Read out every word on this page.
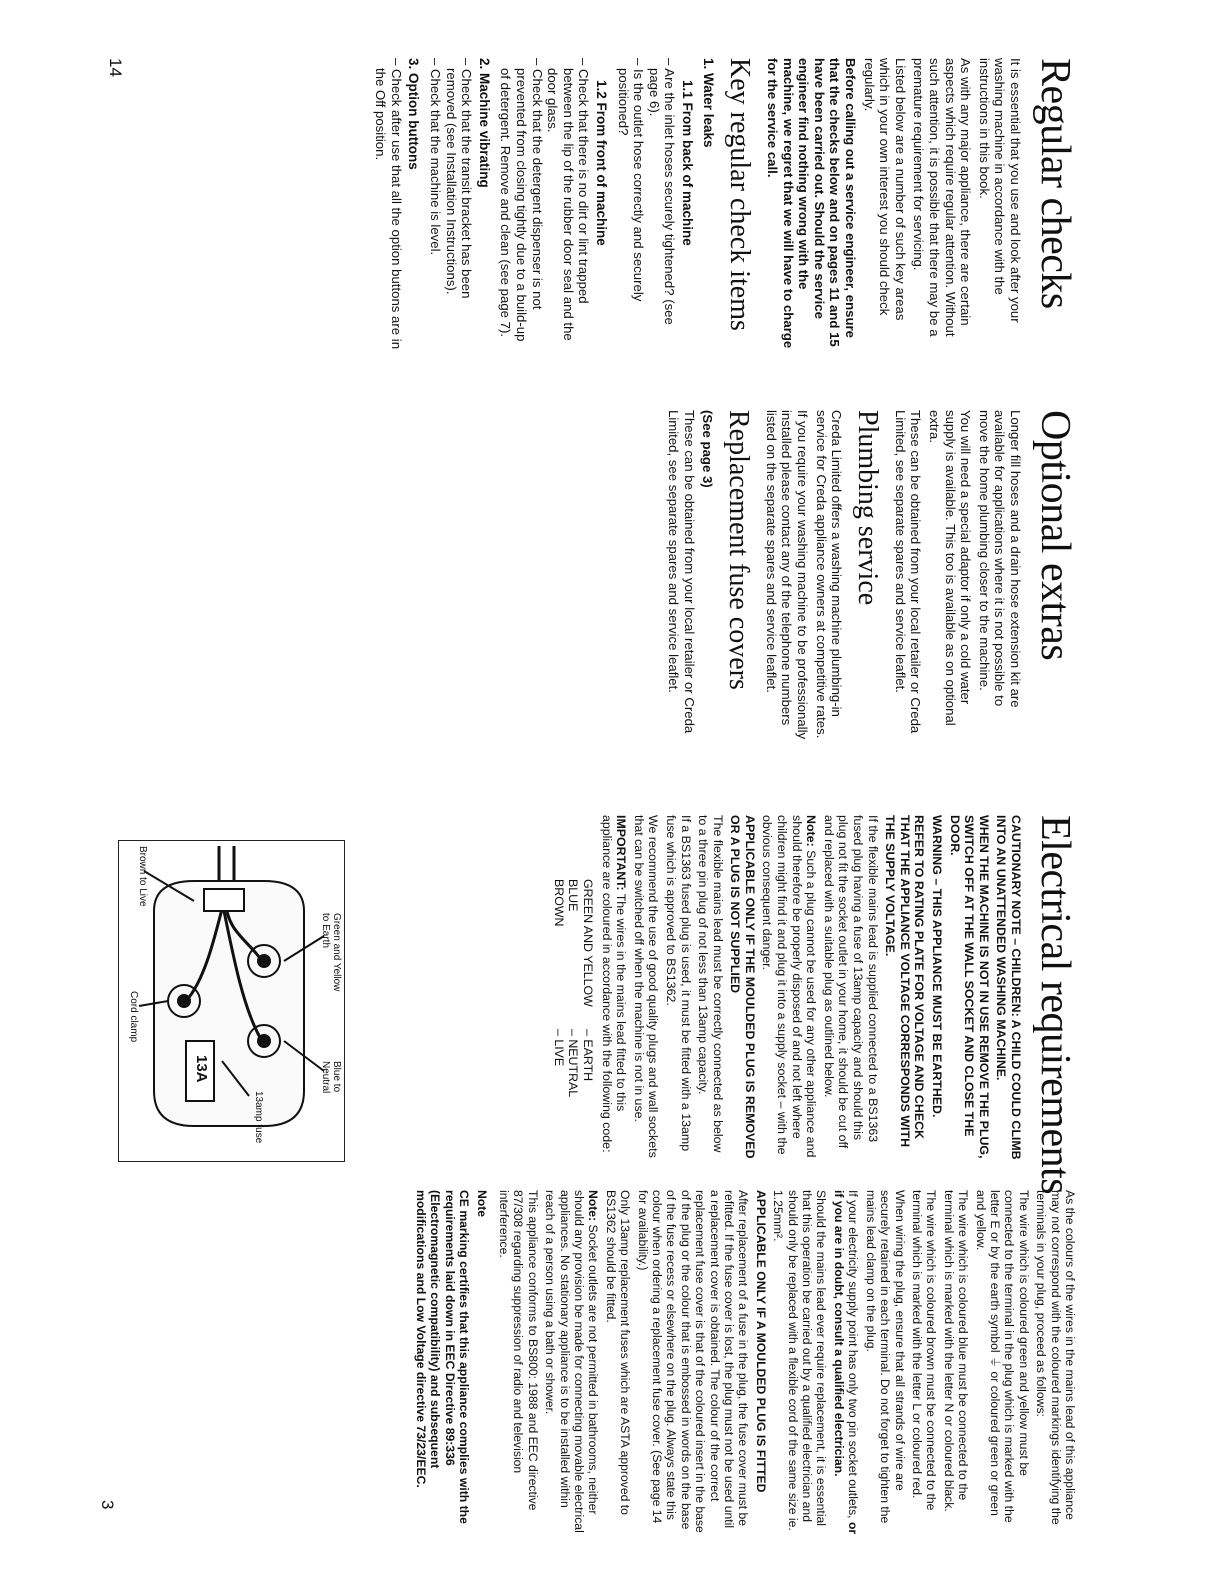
14
3
Regular checks

It is essential that you use and look after your washing machine in accordance with the instructions in this book.

As with any major appliance, there are certain aspects which require regular attention. Without such attention, it is possible that there may be a premature requirement for servicing.

Listed below are a number of such key areas which in your own interest you should check regularly.

Before calling out a service engineer, ensure that the checks below and on pages 11 and 15 have been carried out. Should the service engineer find nothing wrong with the machine, we regret that we will have to charge for the service call.

Key regular check items
1. Water leaks
1.1 From back of machine
– Are the inlet hoses securely tightened? (see page 6).
– Is the outlet hose correctly and securely positioned?
1.2 From front of machine
– Check that there is no dirt or lint trapped between the lip of the rubber door seal and the door glass.
– Check that the detergent dispenser is not prevented from closing tightly due to a build-up of detergent. Remove and clean (see page 7).
2. Machine vibrating
– Check that the transit bracket has been removed (see Installation Instructions).
– Check that the machine is level.
3. Option buttons
– Check after use that all the option buttons are in the Off position.
Optional extras

Longer fill hoses and a drain hose extension kit are available for applications where it is not possible to move the home plumbing closer to the machine.

You will need a special adaptor if only a cold water supply is available. This too is available as on optional extra.

These can be obtained from your local retailer or Creda Limited, see separate spares and service leaflet.

Plumbing service

Creda Limited offers a washing machine plumbing-in service for Creda appliance owners at competitive rates.

If you require your washing machine to be professionally installed please contact any of the telephone numbers listed on the separate spares and service leaflet.

Replacement fuse covers

(See page 3)

These can be obtained from your local retailer or Creda Limited, see separate spares and service leaflet.

Electrical requirements

CAUTIONARY NOTE – CHILDREN: A CHILD COULD CLIMB INTO AN UNATTENDED WASHING MACHINE.

WHEN THE MACHINE IS NOT IN USE REMOVE THE PLUG, SWITCH OFF AT THE WALL SOCKET AND CLOSE THE DOOR.

WARNING – THIS APPLIANCE MUST BE EARTHED.

REFER TO RATING PLATE FOR VOLTAGE AND CHECK THAT THE APPLIANCE VOLTAGE CORRESPONDS WITH THE SUPPLY VOLTAGE.

If the flexible mains lead is supplied connected to a BS1363 fused plug having a fuse of 13amp capacity and should this plug not fit the socket outlet in your home, it should be cut off and replaced with a suitable plug as outlined below.

Note: Such a plug cannot be used for any other appliance and should therefore be properly disposed of and not left where children might find it and plug it into a supply socket – with the obvious consequent danger.

APPLICABLE ONLY IF THE MOULDED PLUG IS REMOVED OR A PLUG IS NOT SUPPLIED

The flexible mains lead must be correctly connected as below to a three pin plug of not less than 13amp capacity.

If a BS1363 fused plug is used, it must be fitted with a 13amp fuse which is approved to BS1362.

We recommend the use of good quality plugs and wall sockets that can be switched off when the machine is not in use.

IMPORTANT: The wires in the mains lead fitted to this appliance are coloured in accordance with the following code:

GREEN AND YELLOW
– EARTH
BLUE
– NEUTRAL
BROWN
– LIVE
13A
Green and Yellow to Earth
Blue to Neutral
13amp fuse
Brown to Live
Cord clamp

As the colours of the wires in the mains lead of this appliance may not correspond with the coloured markings identifying the terminals in your plug, proceed as follows:

The wire which is coloured green and yellow must be connected to the terminal in the plug which is marked with the letter E or by the earth symbol ⏚ or coloured green or green and yellow.

The wire which is coloured blue must be connected to the terminal which is marked with the letter N or coloured black.

The wire which is coloured brown must be connected to the terminal which is marked with the letter L or coloured red.

When wiring the plug, ensure that all strands of wire are securely retained in each terminal. Do not forget to tighten the mains lead clamp on the plug.

If your electricity supply point has only two pin socket outlets, or if you are in doubt, consult a qualified electrician.

Should the mains lead ever require replacement, it is essential that this operation be carried out by a qualified electrician and should only be replaced with a flexible cord of the same size ie. 1.25mm².

APPLICABLE ONLY IF A MOULDED PLUG IS FITTED

After replacement of a fuse in the plug, the fuse cover must be refitted. If the fuse cover is lost, the plug must not be used until a replacement cover is obtained. The colour of the correct replacement fuse cover is that of the coloured insert in the base of the plug or the colour that is embossed in words on the base of the fuse recess or elsewhere on the plug. Always state this colour when ordering a replacement fuse cover. (See page 14 for availability.)

Only 13amp replacement fuses which are ASTA approved to BS1362 should be fitted.

Note: Socket outlets are not permitted in bathrooms, neither should any provision be made for connecting movable electrical appliances. No stationary appliance is to be installed within reach of a person using a bath or shower.

This appliance conforms to BS800: 1988 and EEC directive 87/308 regarding suppression of radio and television interference.

Note

CE marking certifies that this appliance complies with the requirements laid down in EEC Directive 89:336 (Electromagnetic compatibility) and subsequent modifications and Low Voltage directive 73/23/EEC.
